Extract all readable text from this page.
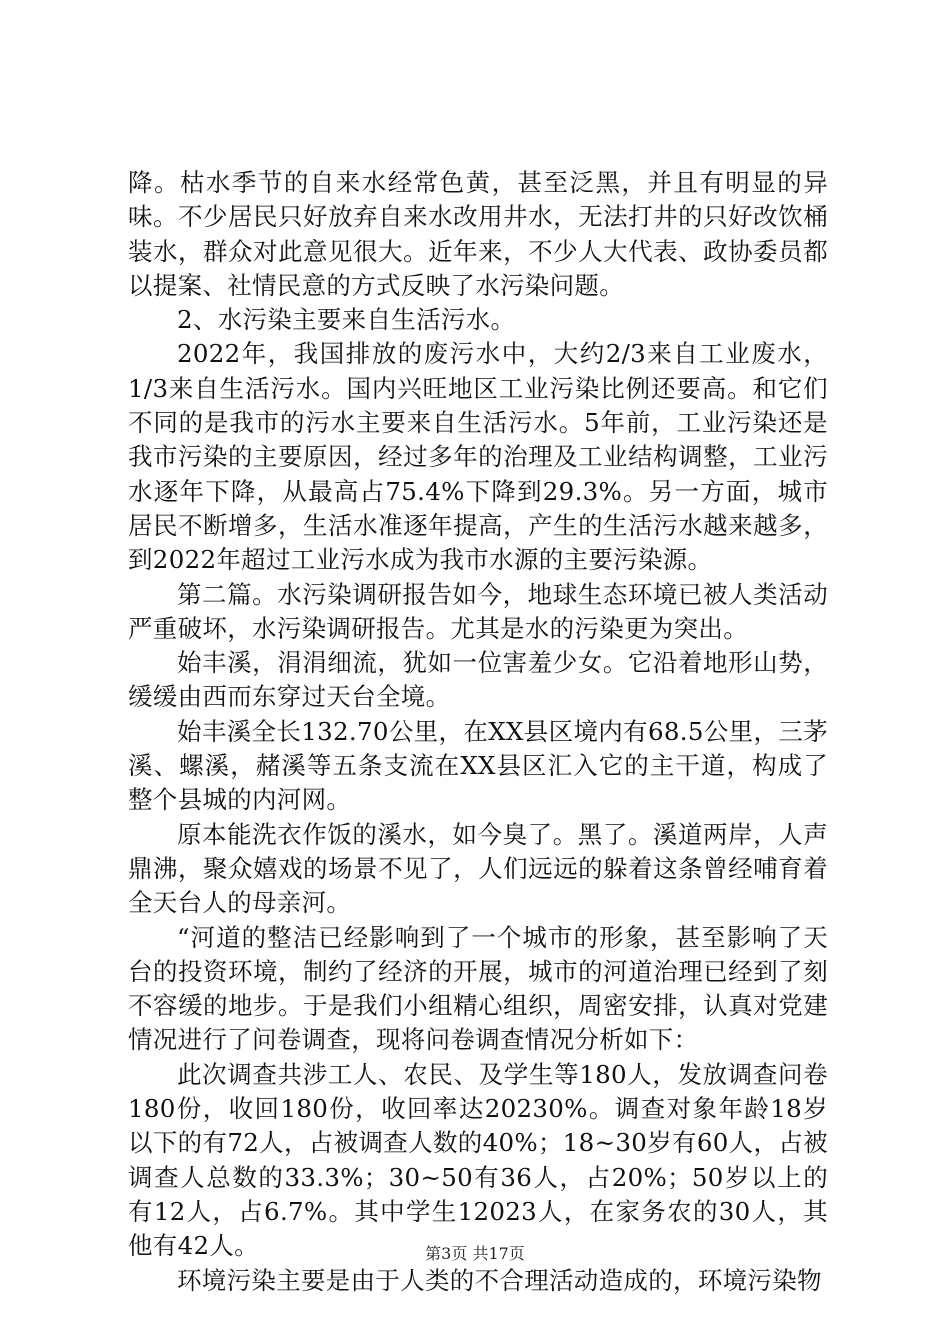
降。枯水季节的自来水经常色黄，甚至泛黑，并且有明显的异味。不少居民只好放弃自来水改用井水，无法打井的只好改饮桶装水，群众对此意见很大。近年来，不少人大代表、政协委员都以提案、社情民意的方式反映了水污染问题。

2、水污染主要来自生活污水。

2022年，我国排放的废污水中，大约2/3来自工业废水，1/3来自生活污水。国内兴旺地区工业污染比例还要高。和它们不同的是我市的污水主要来自生活污水。5年前，工业污染还是我市污染的主要原因，经过多年的治理及工业结构调整，工业污水逐年下降，从最高占75.4%下降到29.3%。另一方面，城市居民不断增多，生活水准逐年提高，产生的生活污水越来越多，到2022年超过工业污水成为我市水源的主要污染源。

第二篇。水污染调研报告如今，地球生态环境已被人类活动严重破坏，水污染调研报告。尤其是水的污染更为突出。

始丰溪，涓涓细流，犹如一位害羞少女。它沿着地形山势，缓缓由西而东穿过天台全境。

始丰溪全长132.70公里，在XX县区境内有68.5公里，三茅溪、螺溪，赭溪等五条支流在XX县区汇入它的主干道，构成了整个县城的内河网。

原本能洗衣作饭的溪水，如今臭了。黑了。溪道两岸，人声鼎沸，聚众嬉戏的场景不见了，人们远远的躲着这条曾经哺育着全天台人的母亲河。

“河道的整洁已经影响到了一个城市的形象，甚至影响了天台的投资环境，制约了经济的开展，城市的河道治理已经到了刻不容缓的地步。于是我们小组精心组织，周密安排，认真对党建情况进行了问卷调查，现将问卷调查情况分析如下：

此次调查共涉工人、农民、及学生等180人，发放调查问卷180份，收回180份，收回率达20230%。调查对象年龄18岁以下的有72人，占被调查人数的40%；18~30岁有60人，占被调查人总数的33.3%；30~50有36人，占20%；50岁以上的有12人，占6.7%。其中学生12023人，在家务农的30人，其他有42人。

环境污染主要是由于人类的不合理活动造成的，环境污染物

第3页 共17页
